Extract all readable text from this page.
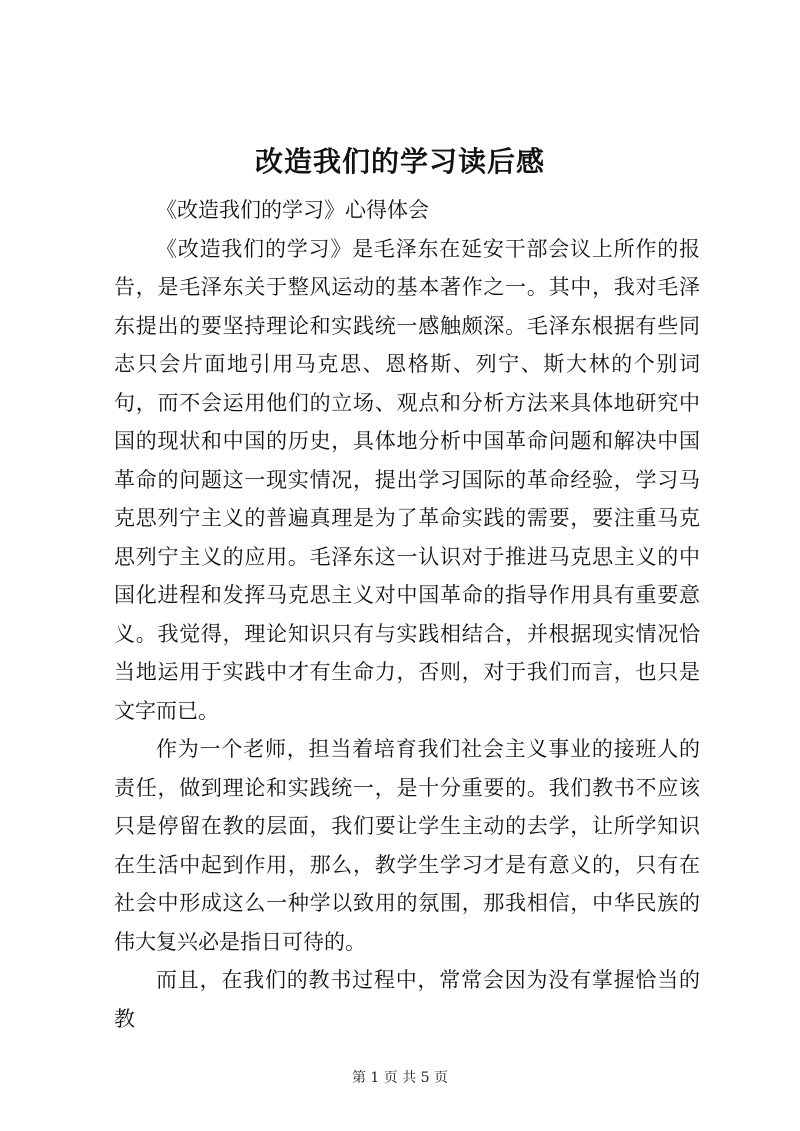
改造我们的学习读后感

《改造我们的学习》心得体会

《改造我们的学习》是毛泽东在延安干部会议上所作的报告，是毛泽东关于整风运动的基本著作之一。其中，我对毛泽东提出的要坚持理论和实践统一感触颇深。毛泽东根据有些同志只会片面地引用马克思、恩格斯、列宁、斯大林的个别词句，而不会运用他们的立场、观点和分析方法来具体地研究中国的现状和中国的历史，具体地分析中国革命问题和解决中国革命的问题这一现实情况，提出学习国际的革命经验，学习马克思列宁主义的普遍真理是为了革命实践的需要，要注重马克思列宁主义的应用。毛泽东这一认识对于推进马克思主义的中国化进程和发挥马克思主义对中国革命的指导作用具有重要意义。我觉得，理论知识只有与实践相结合，并根据现实情况恰当地运用于实践中才有生命力，否则，对于我们而言，也只是文字而已。

作为一个老师，担当着培育我们社会主义事业的接班人的责任，做到理论和实践统一，是十分重要的。我们教书不应该只是停留在教的层面，我们要让学生主动的去学，让所学知识在生活中起到作用，那么，教学生学习才是有意义的，只有在社会中形成这么一种学以致用的氛围，那我相信，中华民族的伟大复兴必是指日可待的。

而且，在我们的教书过程中，常常会因为没有掌握恰当的教

第 1 页 共 5 页
